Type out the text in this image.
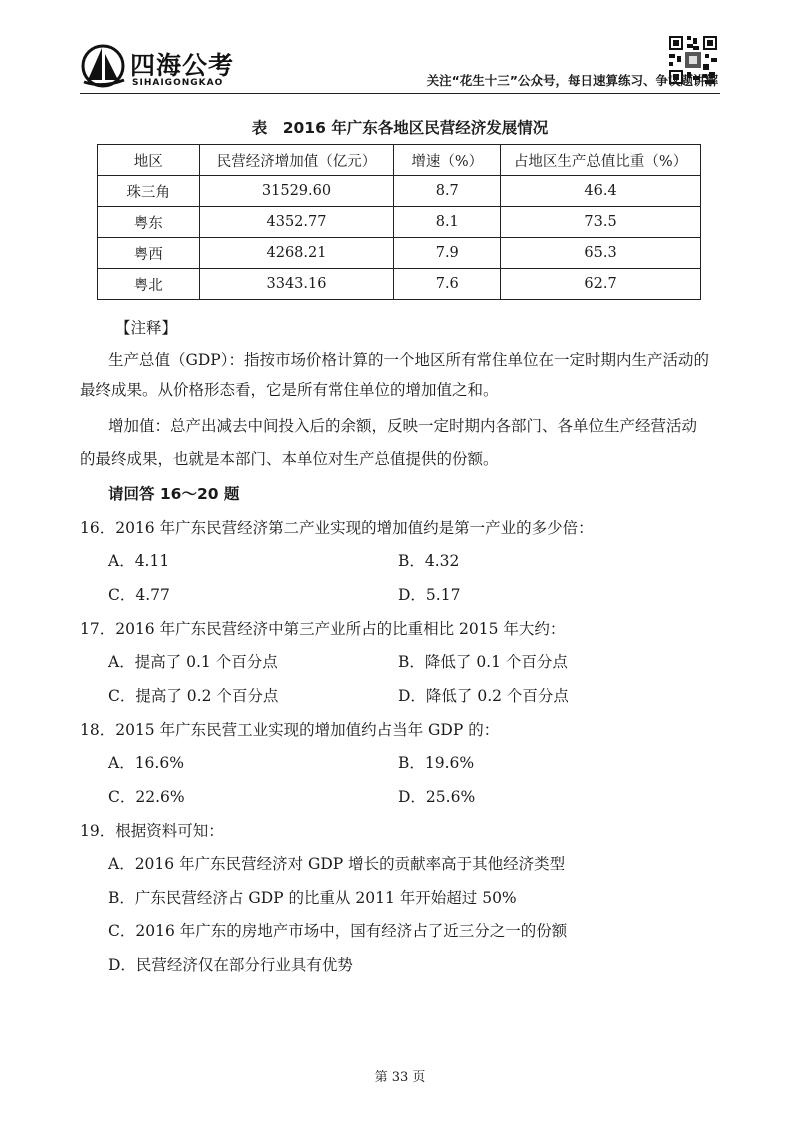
四海公考
SIHAIGONGKAO	关注“花生十三”公众号，每日速算练习、争议题讲解
表　2016 年广东各地区民营经济发展情况
地区	民营经济增加值（亿元）	增速（%）	占地区生产总值比重（%）
珠三角	31529.60	8.7	46.4
粤东	4352.77	8.1	73.5
粤西	4268.21	7.9	65.3
粤北	3343.16	7.6	62.7
【注释】
生产总值（GDP）：指按市场价格计算的一个地区所有常住单位在一定时期内生产活动的
最终成果。从价格形态看，它是所有常住单位的增加值之和。
增加值：总产出减去中间投入后的余额，反映一定时期内各部门、各单位生产经营活动
的最终成果，也就是本部门、本单位对生产总值提供的份额。
请回答 16～20 题
16．2016 年广东民营经济第二产业实现的增加值约是第一产业的多少倍：
A．4.11	B．4.32
C．4.77	D．5.17
17．2016 年广东民营经济中第三产业所占的比重相比 2015 年大约：
A．提高了 0.1 个百分点	B．降低了 0.1 个百分点
C．提高了 0.2 个百分点	D．降低了 0.2 个百分点
18．2015 年广东民营工业实现的增加值约占当年 GDP 的：
A．16.6%	B．19.6%
C．22.6%	D．25.6%
19．根据资料可知：
A．2016 年广东民营经济对 GDP 增长的贡献率高于其他经济类型
B．广东民营经济占 GDP 的比重从 2011 年开始超过 50%
C．2016 年广东的房地产市场中，国有经济占了近三分之一的份额
D．民营经济仅在部分行业具有优势
第 33 页
